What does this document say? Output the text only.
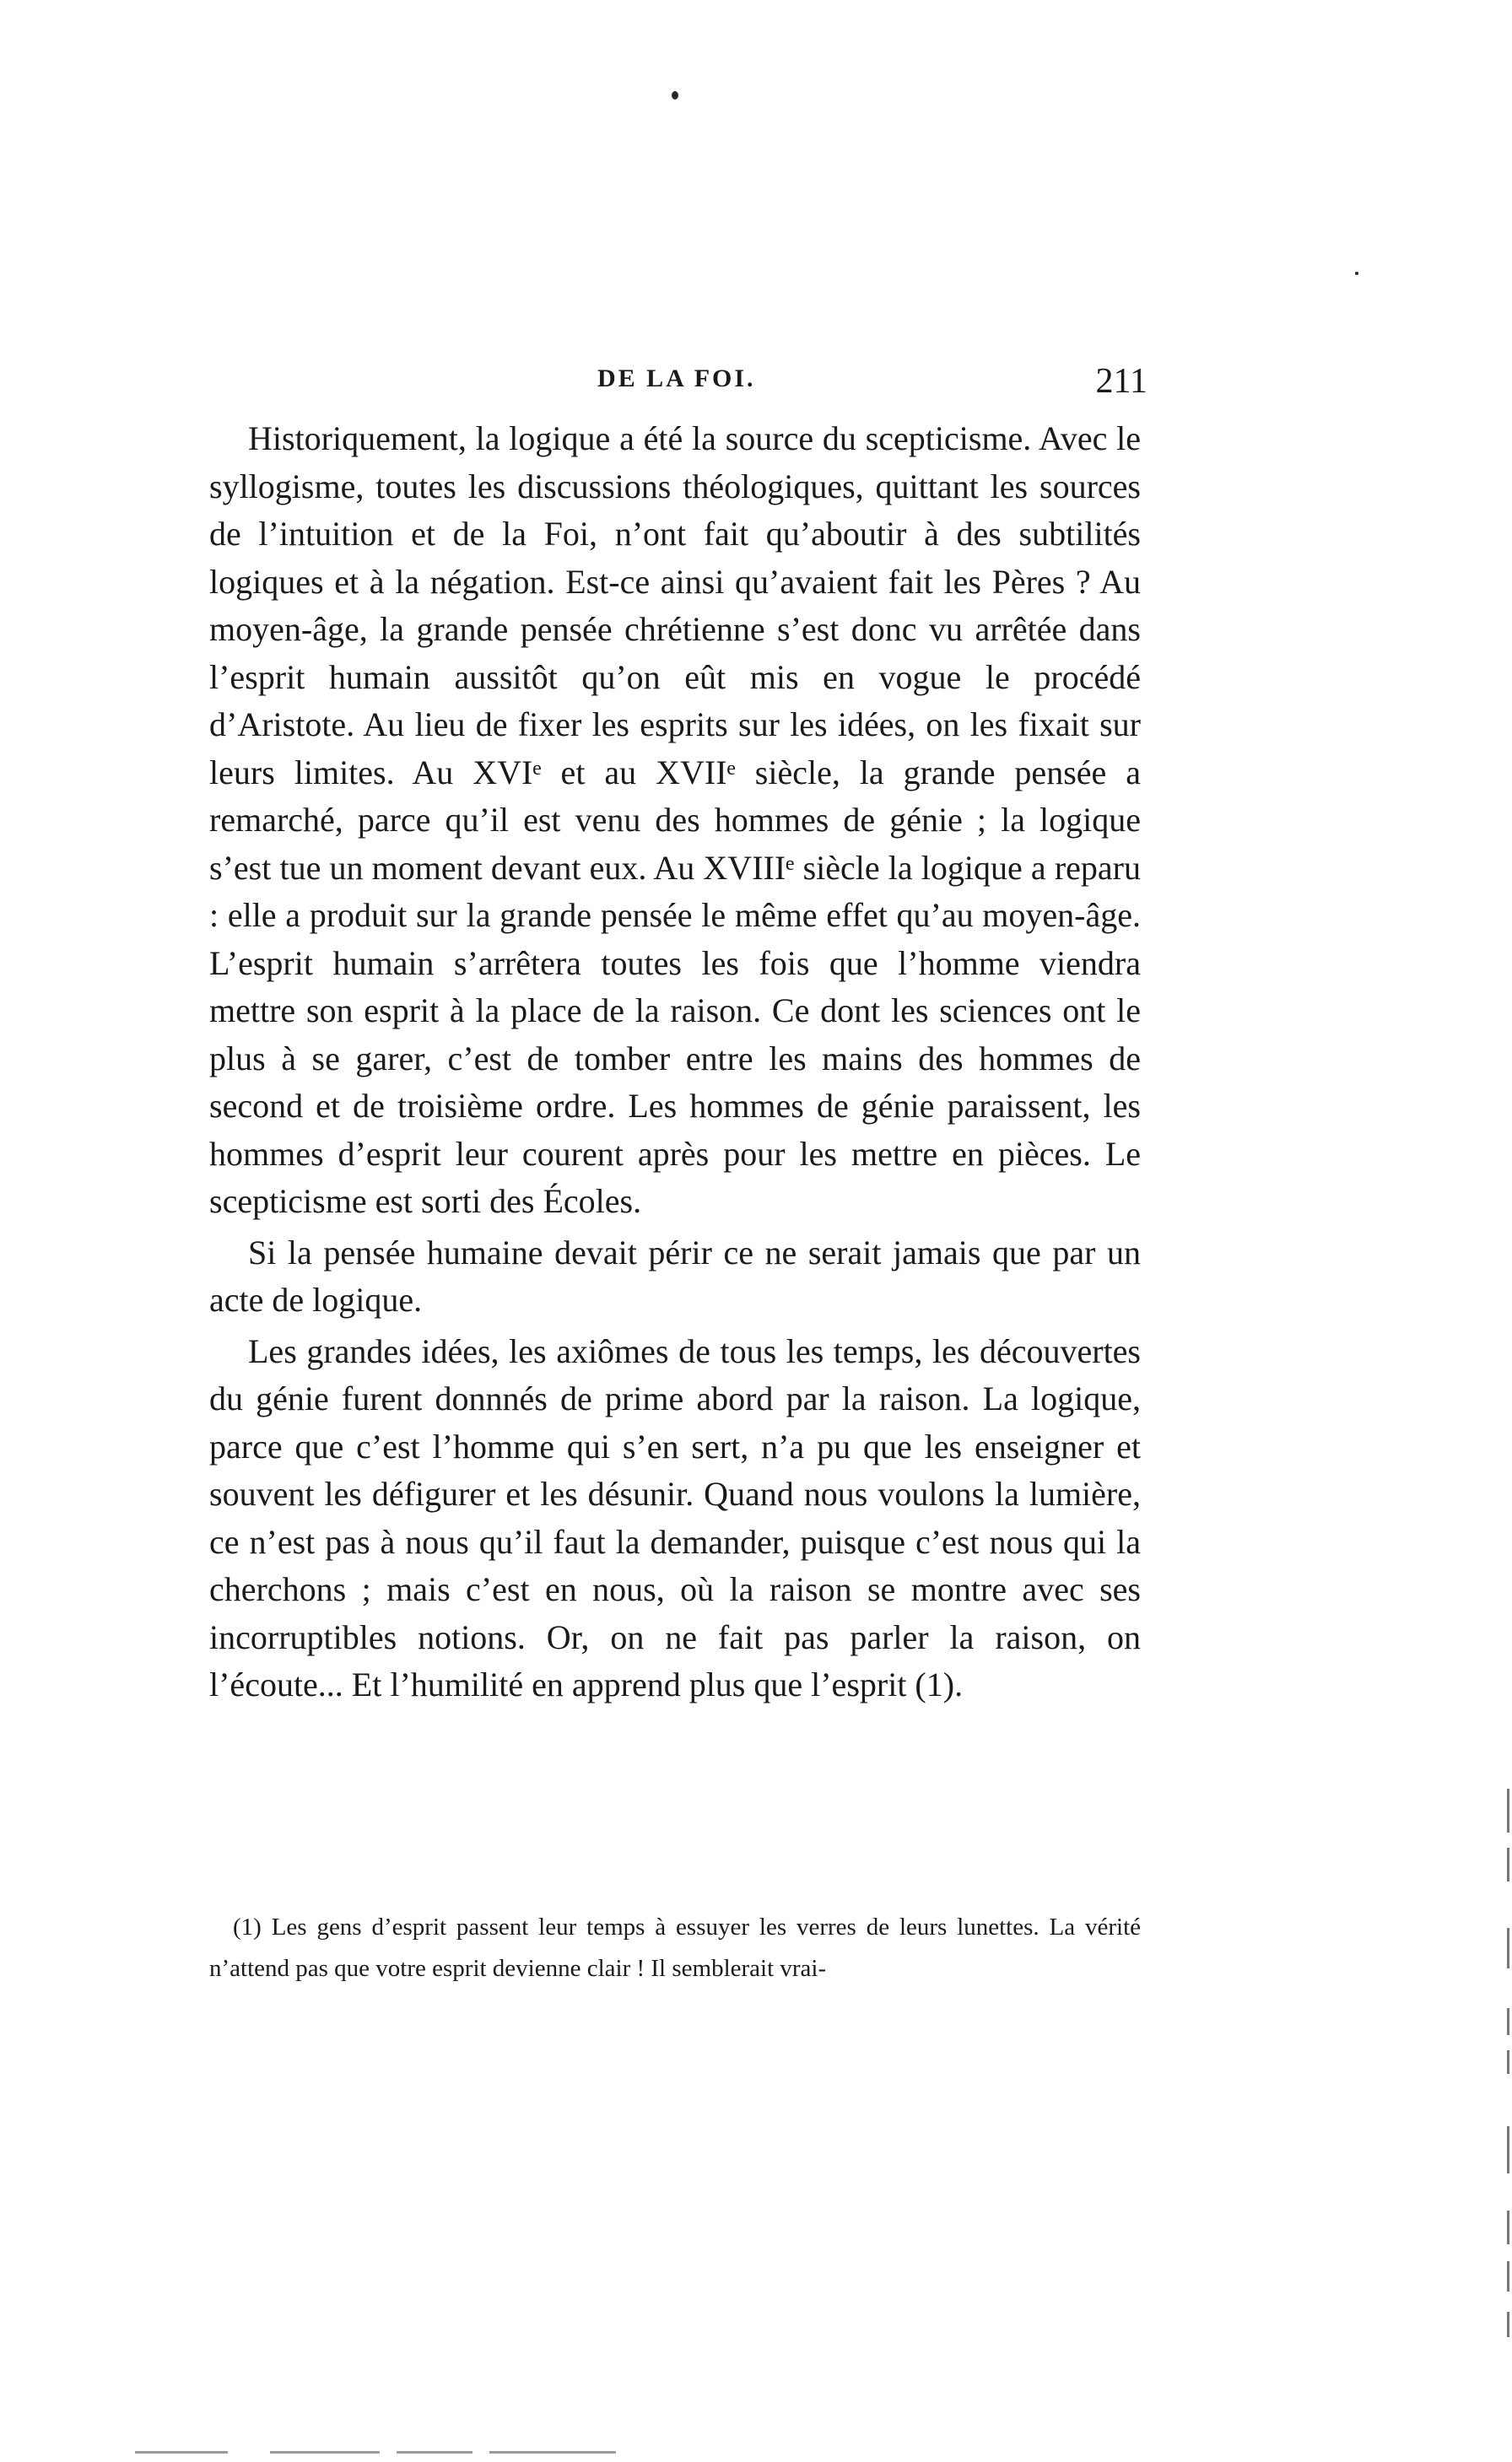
DE LA FOI.	211

Historiquement, la logique a été la source du scepticisme. Avec le syllogisme, toutes les discussions théologiques, quittant les sources de l’intuition et de la Foi, n’ont fait qu’aboutir à des subtilités logiques et à la négation. Est-ce ainsi qu’avaient fait les Pères ? Au moyen-âge, la grande pensée chrétienne s’est donc vu arrêtée dans l’esprit humain aussitôt qu’on eût mis en vogue le procédé d’Aristote. Au lieu de fixer les esprits sur les idées, on les fixait sur leurs limites. Au XVIᵉ et au XVIIᵉ siècle, la grande pensée a remarché, parce qu’il est venu des hommes de génie ; la logique s’est tue un moment devant eux. Au XVIIIᵉ siècle la logique a reparu : elle a produit sur la grande pensée le même effet qu’au moyen-âge. L’esprit humain s’arrêtera toutes les fois que l’homme viendra mettre son esprit à la place de la raison. Ce dont les sciences ont le plus à se garer, c’est de tomber entre les mains des hommes de second et de troisième ordre. Les hommes de génie paraissent, les hommes d’esprit leur courent après pour les mettre en pièces. Le scepticisme est sorti des Écoles.

Si la pensée humaine devait périr ce ne serait jamais que par un acte de logique.

Les grandes idées, les axiômes de tous les temps, les découvertes du génie furent donnnés de prime abord par la raison. La logique, parce que c’est l’homme qui s’en sert, n’a pu que les enseigner et souvent les défigurer et les désunir. Quand nous voulons la lumière, ce n’est pas à nous qu’il faut la demander, puisque c’est nous qui la cherchons ; mais c’est en nous, où la raison se montre avec ses incorruptibles notions. Or, on ne fait pas parler la raison, on l’écoute... Et l’humilité en apprend plus que l’esprit (1).

(1) Les gens d’esprit passent leur temps à essuyer les verres de leurs lunettes. La vérité n’attend pas que votre esprit devienne clair ! Il semblerait vrai-
